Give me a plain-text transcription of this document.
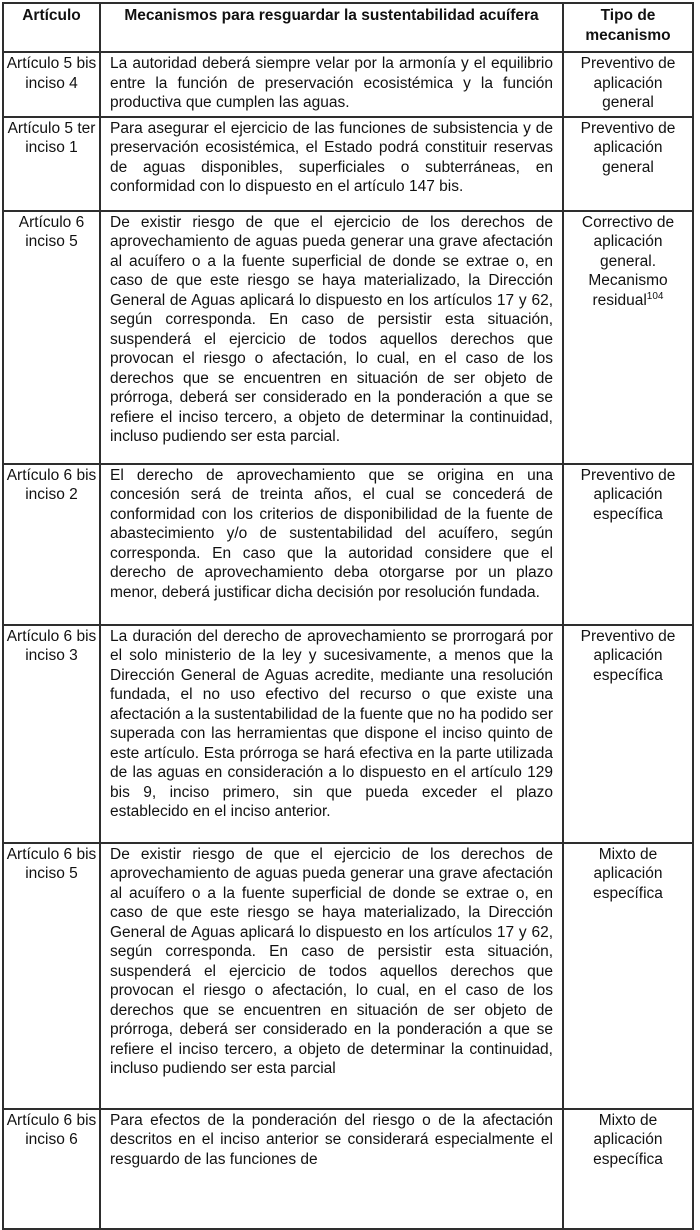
Artículo	Mecanismos para resguardar la sustentabilidad acuífera	Tipo de mecanismo
Artículo 5 bis inciso 4	La autoridad deberá siempre velar por la armonía y el equilibrio entre la función de preservación ecosistémica y la función productiva que cumplen las aguas.	Preventivo de aplicación general
Artículo 5 ter inciso 1	Para asegurar el ejercicio de las funciones de subsistencia y de preservación ecosistémica, el Estado podrá constituir reservas de aguas disponibles, superficiales o subterráneas, en conformidad con lo dispuesto en el artículo 147 bis.	Preventivo de aplicación general
Artículo 6 inciso 5	De existir riesgo de que el ejercicio de los derechos de aprovechamiento de aguas pueda generar una grave afectación al acuífero o a la fuente superficial de donde se extrae o, en caso de que este riesgo se haya materializado, la Dirección General de Aguas aplicará lo dispuesto en los artículos 17 y 62, según corresponda. En caso de persistir esta situación, suspenderá el ejercicio de todos aquellos derechos que provocan el riesgo o afectación, lo cual, en el caso de los derechos que se encuentren en situación de ser objeto de prórroga, deberá ser considerado en la ponderación a que se refiere el inciso tercero, a objeto de determinar la continuidad, incluso pudiendo ser esta parcial.	Correctivo de aplicación general. Mecanismo residual$^{104}$
Artículo 6 bis inciso 2	El derecho de aprovechamiento que se origina en una concesión será de treinta años, el cual se concederá de conformidad con los criterios de disponibilidad de la fuente de abastecimiento y/o de sustentabilidad del acuífero, según corresponda. En caso que la autoridad considere que el derecho de aprovechamiento deba otorgarse por un plazo menor, deberá justificar dicha decisión por resolución fundada.	Preventivo de aplicación específica
Artículo 6 bis inciso 3	La duración del derecho de aprovechamiento se prorrogará por el solo ministerio de la ley y sucesivamente, a menos que la Dirección General de Aguas acredite, mediante una resolución fundada, el no uso efectivo del recurso o que existe una afectación a la sustentabilidad de la fuente que no ha podido ser superada con las herramientas que dispone el inciso quinto de este artículo. Esta prórroga se hará efectiva en la parte utilizada de las aguas en consideración a lo dispuesto en el artículo 129 bis 9, inciso primero, sin que pueda exceder el plazo establecido en el inciso anterior.	Preventivo de aplicación específica
Artículo 6 bis inciso 5	De existir riesgo de que el ejercicio de los derechos de aprovechamiento de aguas pueda generar una grave afectación al acuífero o a la fuente superficial de donde se extrae o, en caso de que este riesgo se haya materializado, la Dirección General de Aguas aplicará lo dispuesto en los artículos 17 y 62, según corresponda. En caso de persistir esta situación, suspenderá el ejercicio de todos aquellos derechos que provocan el riesgo o afectación, lo cual, en el caso de los derechos que se encuentren en situación de ser objeto de prórroga, deberá ser considerado en la ponderación a que se refiere el inciso tercero, a objeto de determinar la continuidad, incluso pudiendo ser esta parcial	Mixto de aplicación específica
Artículo 6 bis inciso 6	Para efectos de la ponderación del riesgo o de la afectación descritos en el inciso anterior se considerará especialmente el resguardo de las funciones de	Mixto de aplicación específica
